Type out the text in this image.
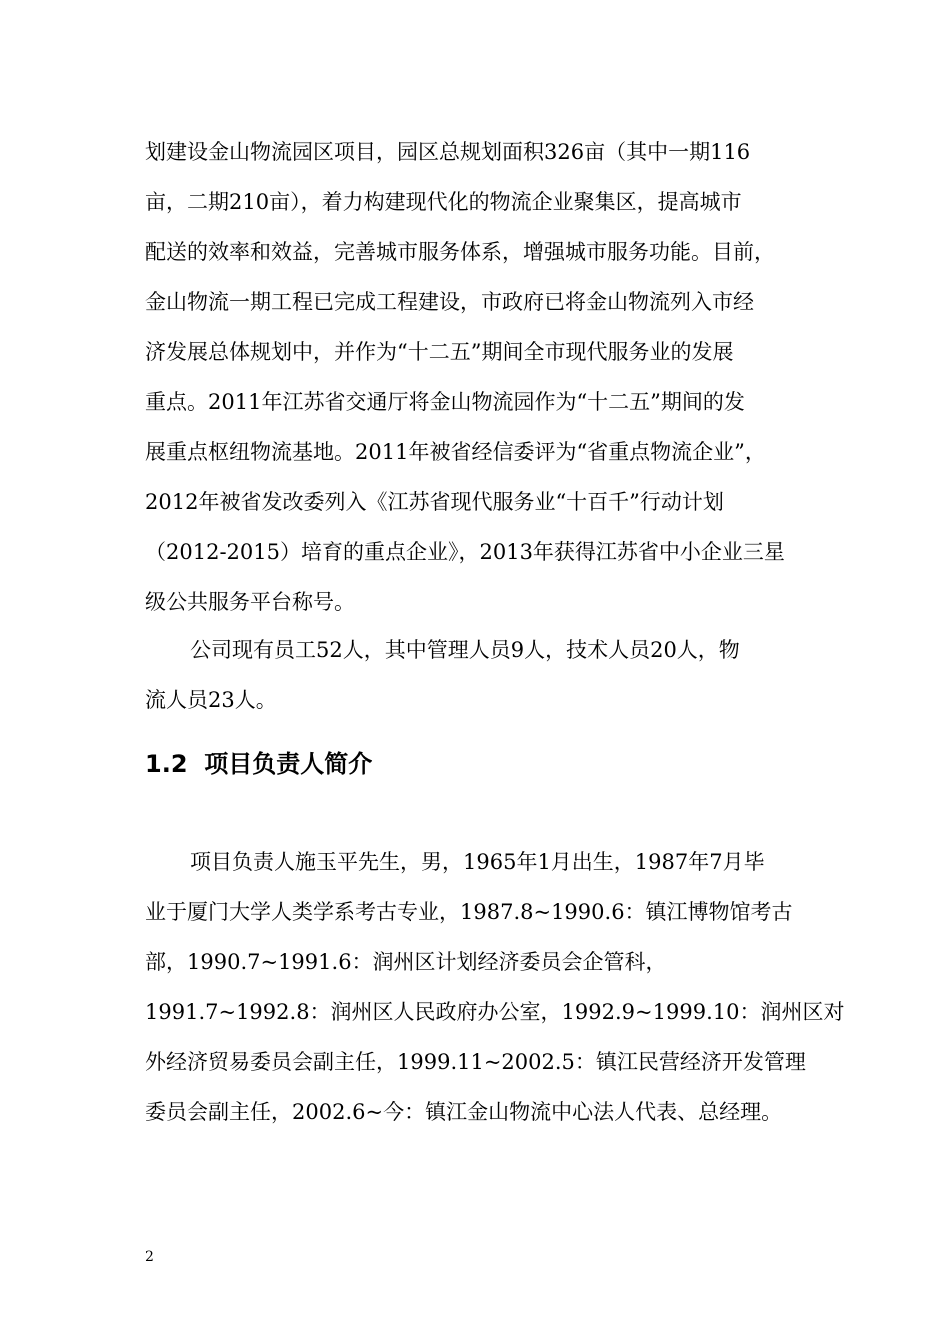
划建设金山物流园区项目，园区总规划面积326亩（其中一期116
亩，二期210亩），着力构建现代化的物流企业聚集区，提高城市
配送的效率和效益，完善城市服务体系，增强城市服务功能。目前，
金山物流一期工程已完成工程建设，市政府已将金山物流列入市经
济发展总体规划中，并作为“十二五”期间全市现代服务业的发展
重点。2011年江苏省交通厅将金山物流园作为“十二五”期间的发
展重点枢纽物流基地。2011年被省经信委评为“省重点物流企业”，
2012年被省发改委列入《江苏省现代服务业“十百千”行动计划
（2012-2015）培育的重点企业》，2013年获得江苏省中小企业三星
级公共服务平台称号。
公司现有员工52人，其中管理人员9人，技术人员20人，物
流人员23人。
1.2  项目负责人简介
项目负责人施玉平先生，男，1965年1月出生，1987年7月毕
业于厦门大学人类学系考古专业，1987.8~1990.6：镇江博物馆考古
部，1990.7~1991.6：润州区计划经济委员会企管科，
1991.7~1992.8：润州区人民政府办公室，1992.9~1999.10：润州区对
外经济贸易委员会副主任，1999.11~2002.5：镇江民营经济开发管理
委员会副主任，2002.6~今：镇江金山物流中心法人代表、总经理。
2
